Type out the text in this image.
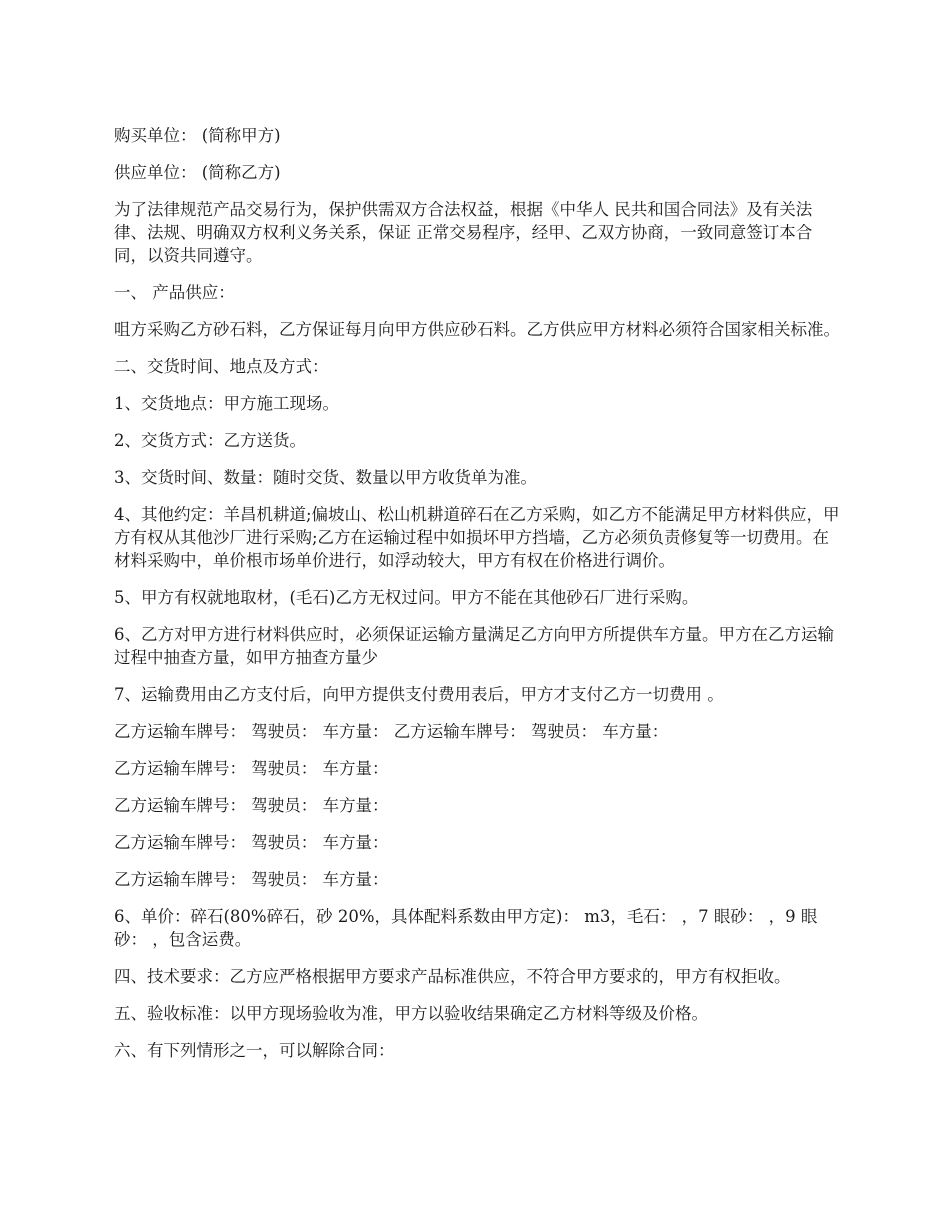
购买单位： (简称甲方)

供应单位： (简称乙方)

为了法律规范产品交易行为，保护供需双方合法权益，根据《中华人 民共和国合同法》及有关法律、法规、明确双方权利义务关系，保证 正常交易程序，经甲、乙双方协商，一致同意签订本合同，以资共同遵守。

一、 产品供应：

咀方采购乙方砂石料，乙方保证每月向甲方供应砂石料。乙方供应甲方材料必须符合国家相关标准。

二、交货时间、地点及方式：

1、交货地点：甲方施工现场。

2、交货方式：乙方送货。

3、交货时间、数量：随时交货、数量以甲方收货单为准。

4、其他约定：羊昌机耕道;偏坡山、松山机耕道碎石在乙方采购，如乙方不能满足甲方材料供应，甲方有权从其他沙厂进行采购;乙方在运输过程中如损坏甲方挡墙，乙方必须负责修复等一切费用。在材料采购中，单价根市场单价进行，如浮动较大，甲方有权在价格进行调价。

5、甲方有权就地取材，(毛石)乙方无权过问。甲方不能在其他砂石厂进行采购。

6、乙方对甲方进行材料供应时，必须保证运输方量满足乙方向甲方所提供车方量。甲方在乙方运输过程中抽查方量，如甲方抽查方量少

7、运输费用由乙方支付后，向甲方提供支付费用表后，甲方才支付乙方一切费用 。

乙方运输车牌号： 驾驶员： 车方量： 乙方运输车牌号： 驾驶员： 车方量：

乙方运输车牌号： 驾驶员： 车方量：

乙方运输车牌号： 驾驶员： 车方量：

乙方运输车牌号： 驾驶员： 车方量：

乙方运输车牌号： 驾驶员： 车方量：

6、单价：碎石(80%碎石，砂 20%，具体配料系数由甲方定)： m3，毛石： ，7 眼砂： ，9 眼砂： ，包含运费。

四、技术要求：乙方应严格根据甲方要求产品标准供应，不符合甲方要求的，甲方有权拒收。

五、验收标准：以甲方现场验收为准，甲方以验收结果确定乙方材料等级及价格。

六、有下列情形之一，可以解除合同：
